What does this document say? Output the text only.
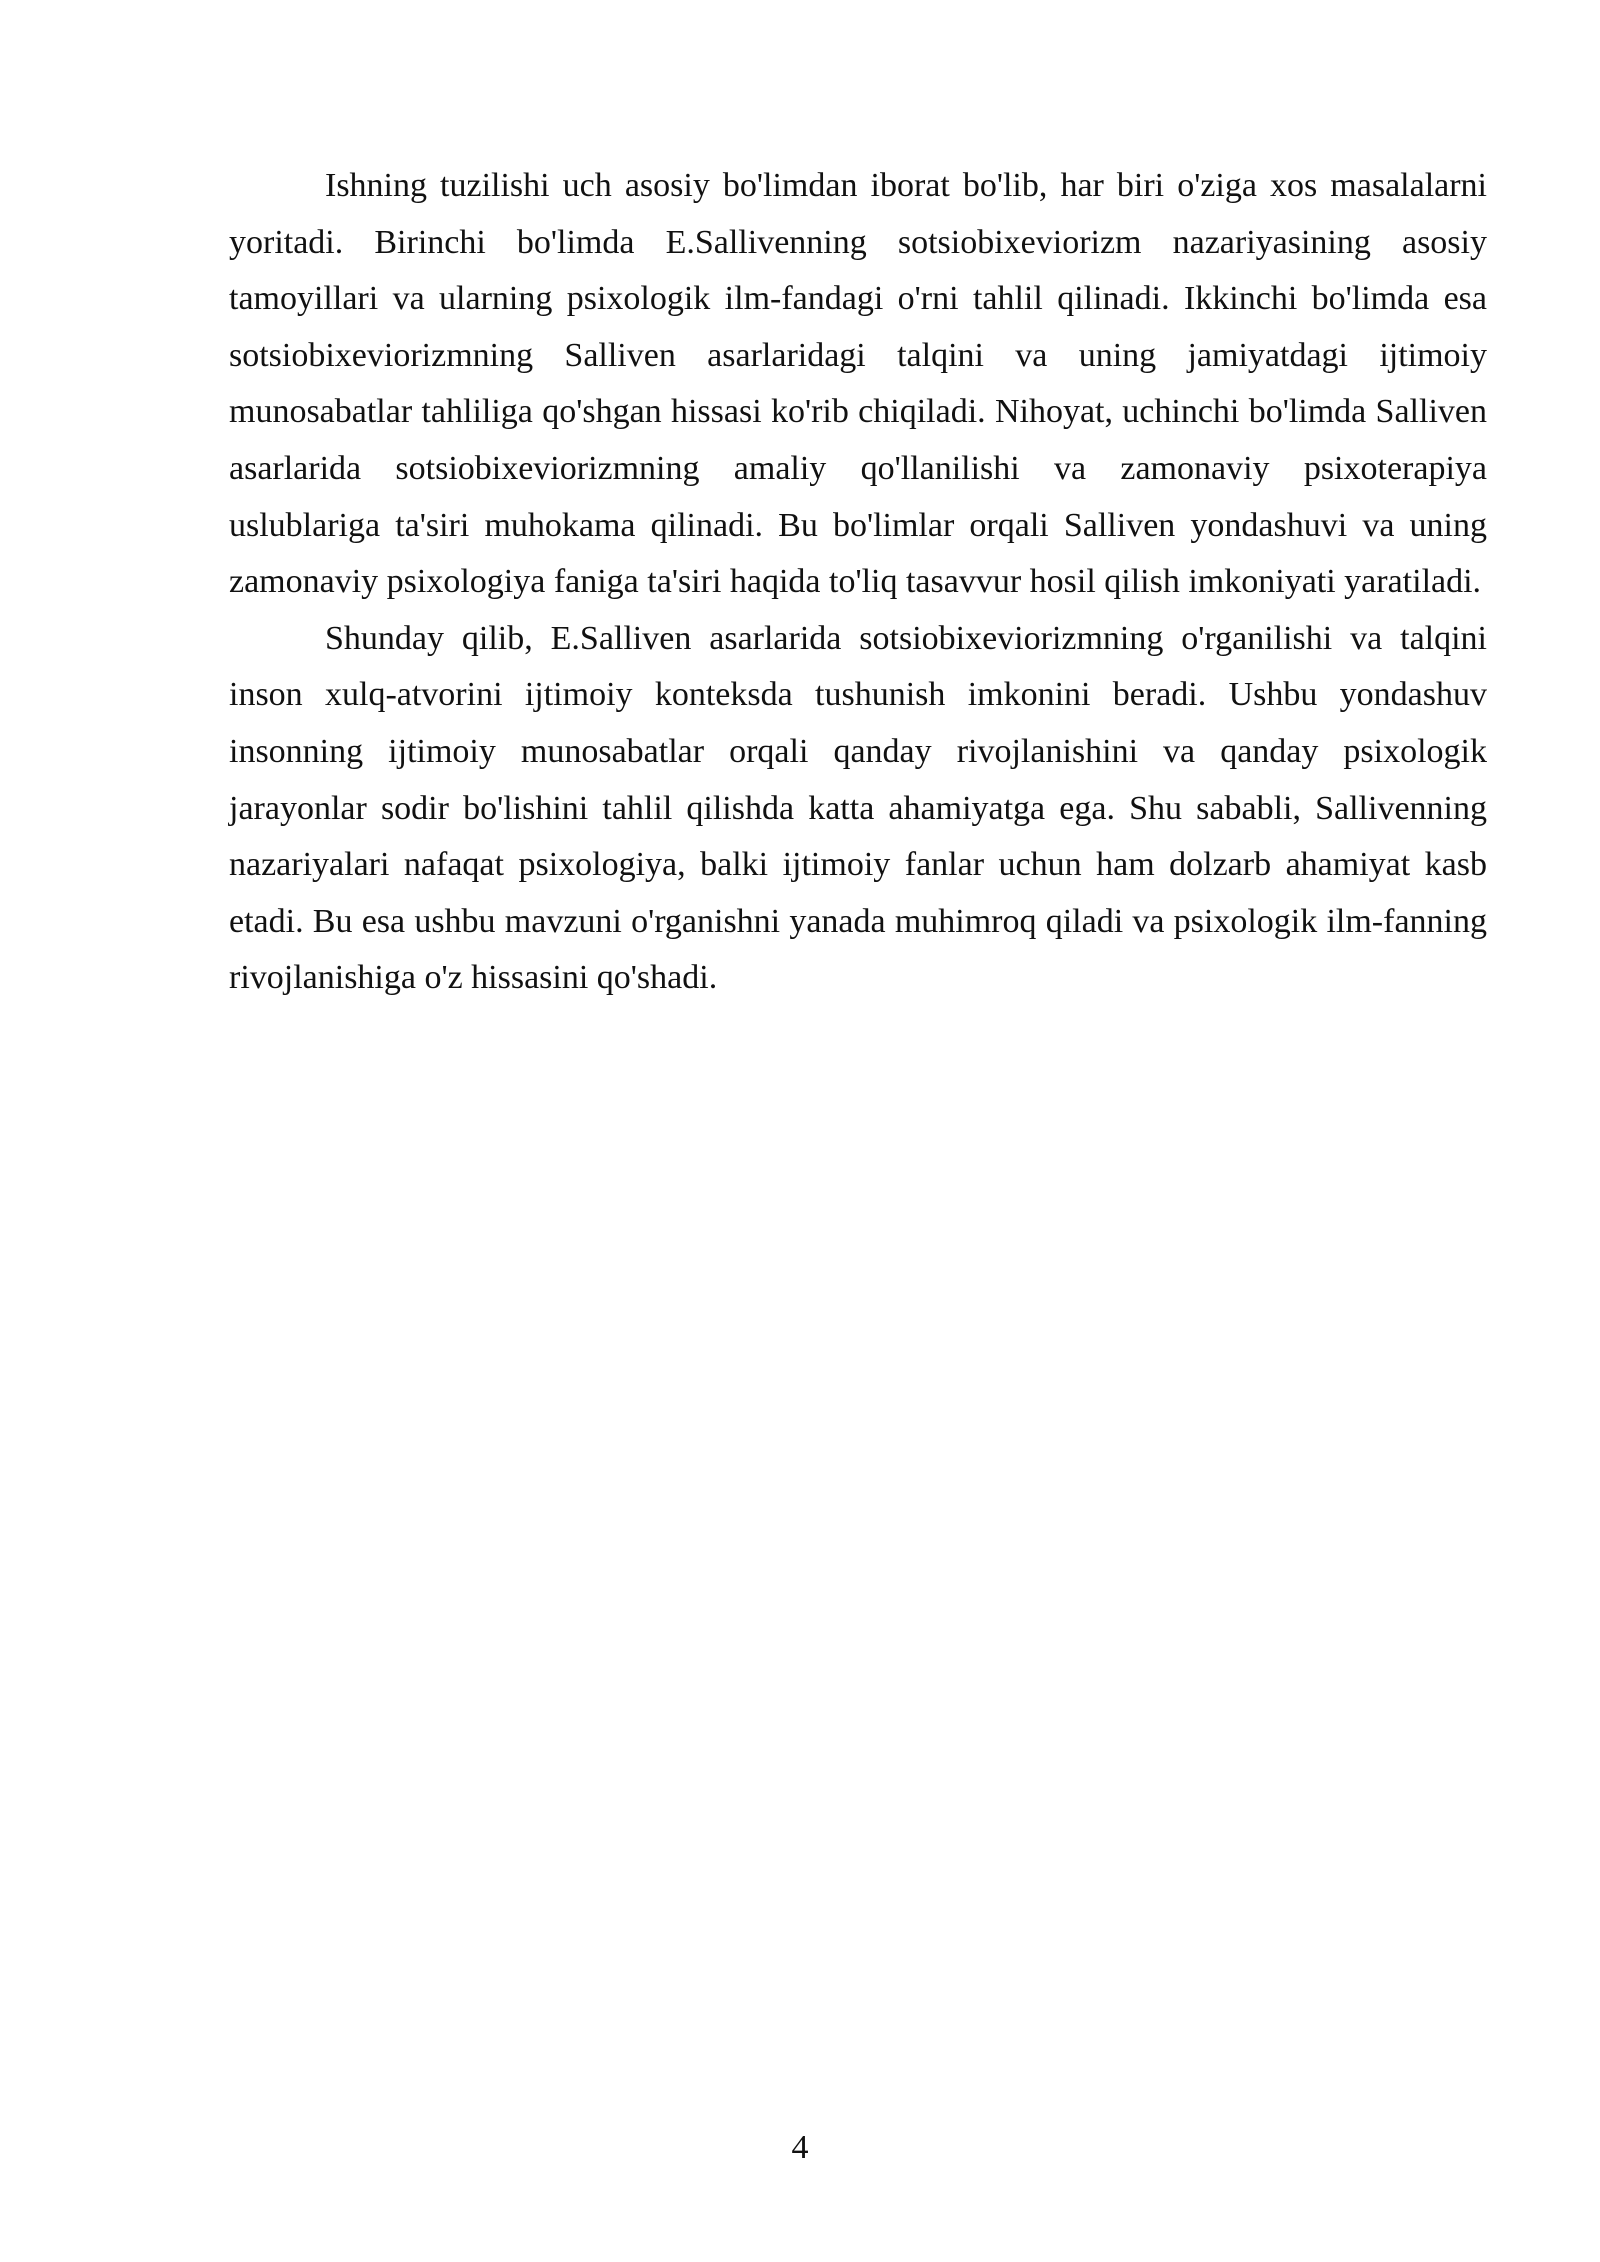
Ishning tuzilishi uch asosiy bo'limdan iborat bo'lib, har biri o'ziga xos masalalarni yoritadi. Birinchi bo'limda E.Sallivenning sotsiobixeviorizm nazariyasining asosiy tamoyillari va ularning psixologik ilm-fandagi o'rni tahlil qilinadi. Ikkinchi bo'limda esa sotsiobixeviorizmning Salliven asarlaridagi talqini va uning jamiyatdagi ijtimoiy munosabatlar tahliliga qo'shgan hissasi ko'rib chiqiladi. Nihoyat, uchinchi bo'limda Salliven asarlarida sotsiobixeviorizmning amaliy qo'llanilishi va zamonaviy psixoterapiya uslublariga ta'siri muhokama qilinadi. Bu bo'limlar orqali Salliven yondashuvi va uning zamonaviy psixologiya faniga ta'siri haqida to'liq tasavvur hosil qilish imkoniyati yaratiladi.

Shunday qilib, E.Salliven asarlarida sotsiobixeviorizmning o'rganilishi va talqini inson xulq-atvorini ijtimoiy konteksda tushunish imkonini beradi. Ushbu yondashuv insonning ijtimoiy munosabatlar orqali qanday rivojlanishini va qanday psixologik jarayonlar sodir bo'lishini tahlil qilishda katta ahamiyatga ega. Shu sababli, Sallivenning nazariyalari nafaqat psixologiya, balki ijtimoiy fanlar uchun ham dolzarb ahamiyat kasb etadi. Bu esa ushbu mavzuni o'rganishni yanada muhimroq qiladi va psixologik ilm-fanning rivojlanishiga o'z hissasini qo'shadi.

4
